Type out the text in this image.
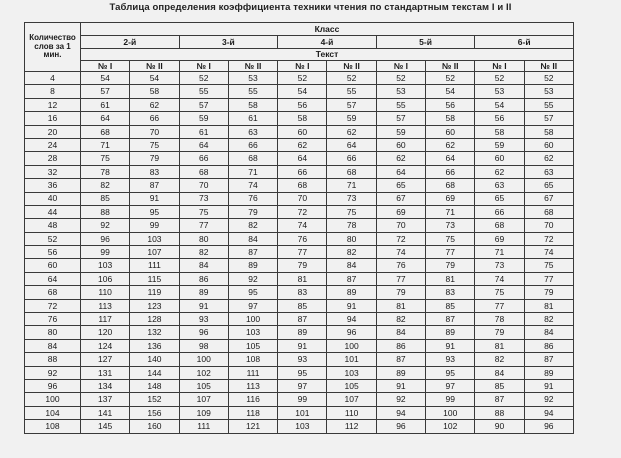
Таблица определения коэффициента техники чтения по стандартным текстам I и II
Количество слов за 1 мин.	Класс									
	2-й		3-й		4-й		5-й		6-й	
	Текст									
	№ I	№ II	№ I	№ II	№ I	№ II	№ I	№ II	№ I	№ II
4	54	54	52	53	52	52	52	52	52	52
8	57	58	55	55	54	55	53	54	53	53
12	61	62	57	58	56	57	55	56	54	55
16	64	66	59	61	58	59	57	58	56	57
20	68	70	61	63	60	62	59	60	58	58
24	71	75	64	66	62	64	60	62	59	60
28	75	79	66	68	64	66	62	64	60	62
32	78	83	68	71	66	68	64	66	62	63
36	82	87	70	74	68	71	65	68	63	65
40	85	91	73	76	70	73	67	69	65	67
44	88	95	75	79	72	75	69	71	66	68
48	92	99	77	82	74	78	70	73	68	70
52	96	103	80	84	76	80	72	75	69	72
56	99	107	82	87	77	82	74	77	71	74
60	103	111	84	89	79	84	76	79	73	75
64	106	115	86	92	81	87	77	81	74	77
68	110	119	89	95	83	89	79	83	75	79
72	113	123	91	97	85	91	81	85	77	81
76	117	128	93	100	87	94	82	87	78	82
80	120	132	96	103	89	96	84	89	79	84
84	124	136	98	105	91	100	86	91	81	86
88	127	140	100	108	93	101	87	93	82	87
92	131	144	102	111	95	103	89	95	84	89
96	134	148	105	113	97	105	91	97	85	91
100	137	152	107	116	99	107	92	99	87	92
104	141	156	109	118	101	110	94	100	88	94
108	145	160	111	121	103	112	96	102	90	96
